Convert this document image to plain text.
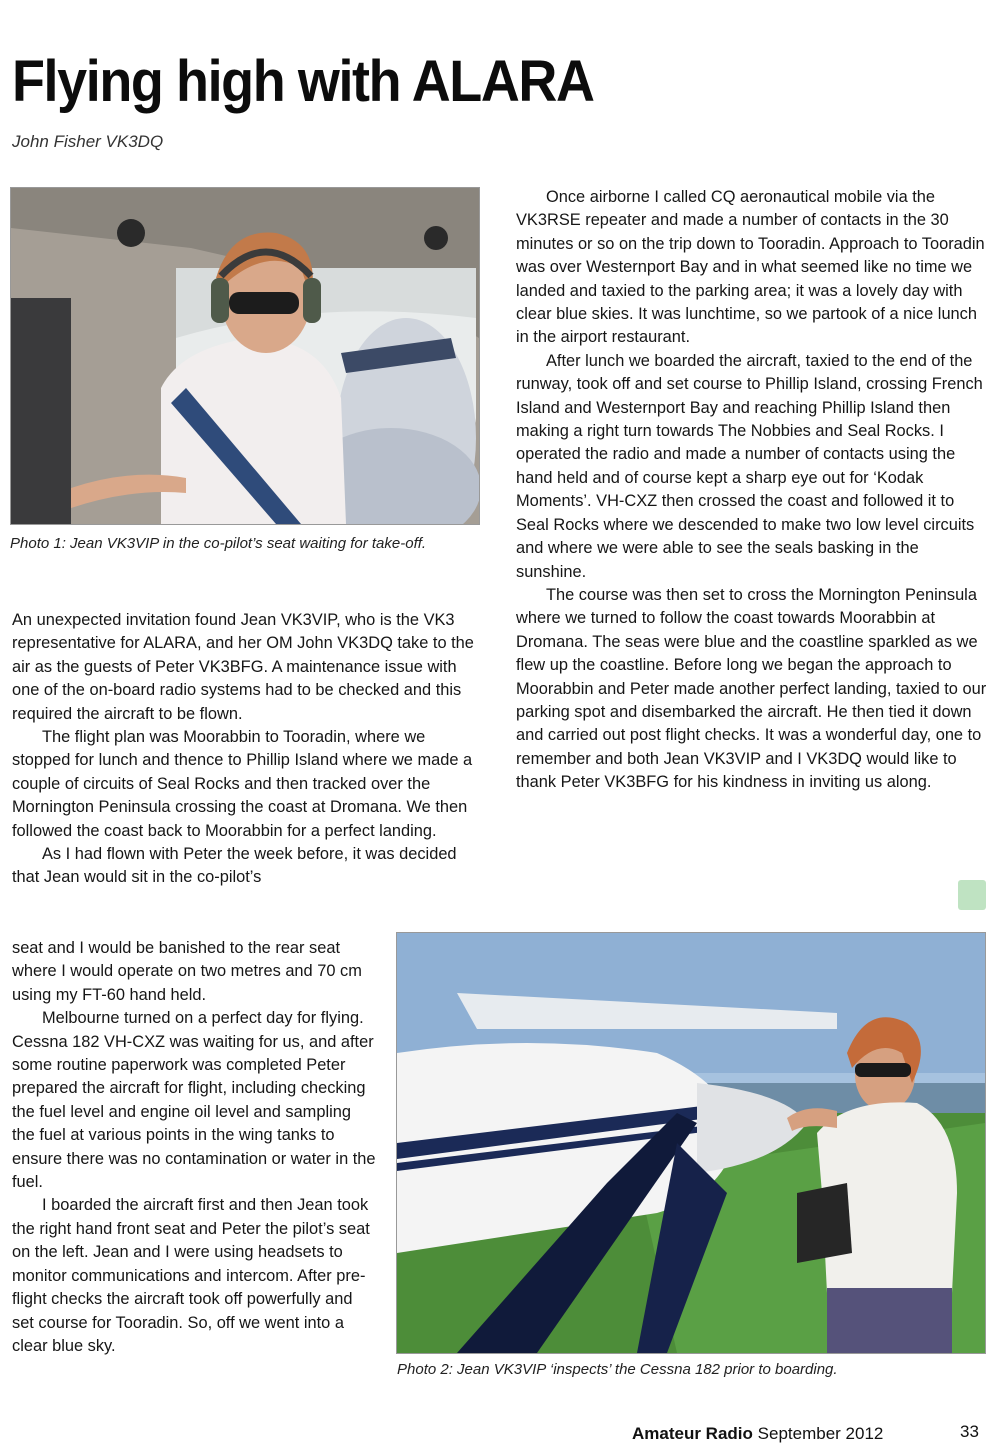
Flying high with ALARA
John Fisher VK3DQ
Photo 1: Jean VK3VIP in the co-pilot’s seat waiting for take-off.

An unexpected invitation found Jean VK3VIP, who is the VK3 representative for ALARA, and her OM John VK3DQ take to the air as the guests of Peter VK3BFG. A maintenance issue with one of the on-board radio systems had to be checked and this required the aircraft to be flown.

The flight plan was Moorabbin to Tooradin, where we stopped for lunch and thence to Phillip Island where we made a couple of circuits of Seal Rocks and then tracked over the Mornington Peninsula crossing the coast at Dromana. We then followed the coast back to Moorabbin for a perfect landing.

As I had flown with Peter the week before, it was decided that Jean would sit in the co-pilot’s

seat and I would be banished to the rear seat where I would operate on two metres and 70 cm using my FT-60 hand held.

Melbourne turned on a perfect day for flying. Cessna 182 VH-CXZ was waiting for us, and after some routine paperwork was completed Peter prepared the aircraft for flight, including checking the fuel level and engine oil level and sampling the fuel at various points in the wing tanks to ensure there was no contamination or water in the fuel.

I boarded the aircraft first and then Jean took the right hand front seat and Peter the pilot’s seat on the left. Jean and I were using headsets to monitor communications and intercom. After pre-flight checks the aircraft took off powerfully and set course for Tooradin. So, off we went into a clear blue sky.

Once airborne I called CQ aeronautical mobile via the VK3RSE repeater and made a number of contacts in the 30 minutes or so on the trip down to Tooradin. Approach to Tooradin was over Westernport Bay and in what seemed like no time we landed and taxied to the parking area; it was a lovely day with clear blue skies. It was lunchtime, so we partook of a nice lunch in the airport restaurant.

After lunch we boarded the aircraft, taxied to the end of the runway, took off and set course to Phillip Island, crossing French Island and Westernport Bay and reaching Phillip Island then making a right turn towards The Nobbies and Seal Rocks. I operated the radio and made a number of contacts using the hand held and of course kept a sharp eye out for ‘Kodak Moments’. VH-CXZ then crossed the coast and followed it to Seal Rocks where we descended to make two low level circuits and where we were able to see the seals basking in the sunshine.

The course was then set to cross the Mornington Peninsula where we turned to follow the coast towards Moorabbin at Dromana. The seas were blue and the coastline sparkled as we flew up the coastline. Before long we began the approach to Moorabbin and Peter made another perfect landing, taxied to our parking spot and disembarked the aircraft. He then tied it down and carried out post flight checks. It was a wonderful day, one to remember and both Jean VK3VIP and I VK3DQ would like to thank Peter VK3BFG for his kindness in inviting us along.

Photo 2: Jean VK3VIP ‘inspects’ the Cessna 182 prior to boarding.
Amateur Radio September 2012	33
